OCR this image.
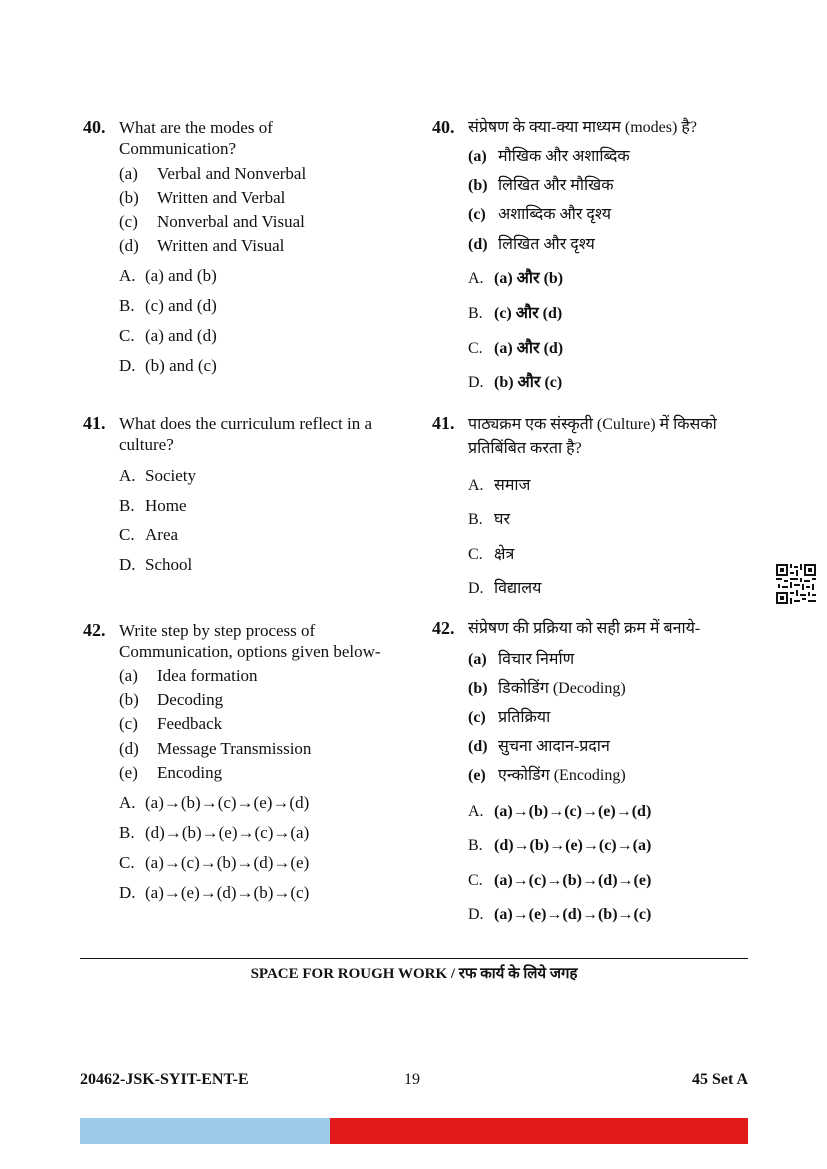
40. What are the modes of Communication?
(a) Verbal and Nonverbal
(b) Written and Verbal
(c) Nonverbal and Visual
(d) Written and Visual
A. (a) and (b)
B. (c) and (d)
C. (a) and (d)
D. (b) and (c)
41. What does the curriculum reflect in a culture?
A. Society
B. Home
C. Area
D. School
42. Write step by step process of Communication, options given below-
(a) Idea formation
(b) Decoding
(c) Feedback
(d) Message Transmission
(e) Encoding
A. (a)→(b)→(c)→(e)→(d)
B. (d)→(b)→(e)→(c)→(a)
C. (a)→(c)→(b)→(d)→(e)
D. (a)→(e)→(d)→(b)→(c)
40. संप्रेषण के क्या-क्या माध्यम (modes) है?
(a) मौखिक और अशाब्दिक
(b) लिखित और मौखिक
(c) अशाब्दिक और दृश्य
(d) लिखित और दृश्य
A. (a) और (b)
B. (c) और (d)
C. (a) और (d)
D. (b) और (c)
41. पाठ्यक्रम एक संस्कृती (Culture) में किसको प्रतिबिंबित करता है?
A. समाज
B. घर
C. क्षेत्र
D. विद्यालय
42. संप्रेषण की प्रक्रिया को सही क्रम में बनाये-
(a) विचार निर्माण
(b) डिकोडिंग (Decoding)
(c) प्रतिक्रिया
(d) सुचना आदान-प्रदान
(e) एन्कोडिंग (Encoding)
A. (a)→(b)→(c)→(e)→(d)
B. (d)→(b)→(e)→(c)→(a)
C. (a)→(c)→(b)→(d)→(e)
D. (a)→(e)→(d)→(b)→(c)
SPACE FOR ROUGH WORK / रफ कार्य के लिये जगह
20462-JSK-SYIT-ENT-E	19	45 Set A
